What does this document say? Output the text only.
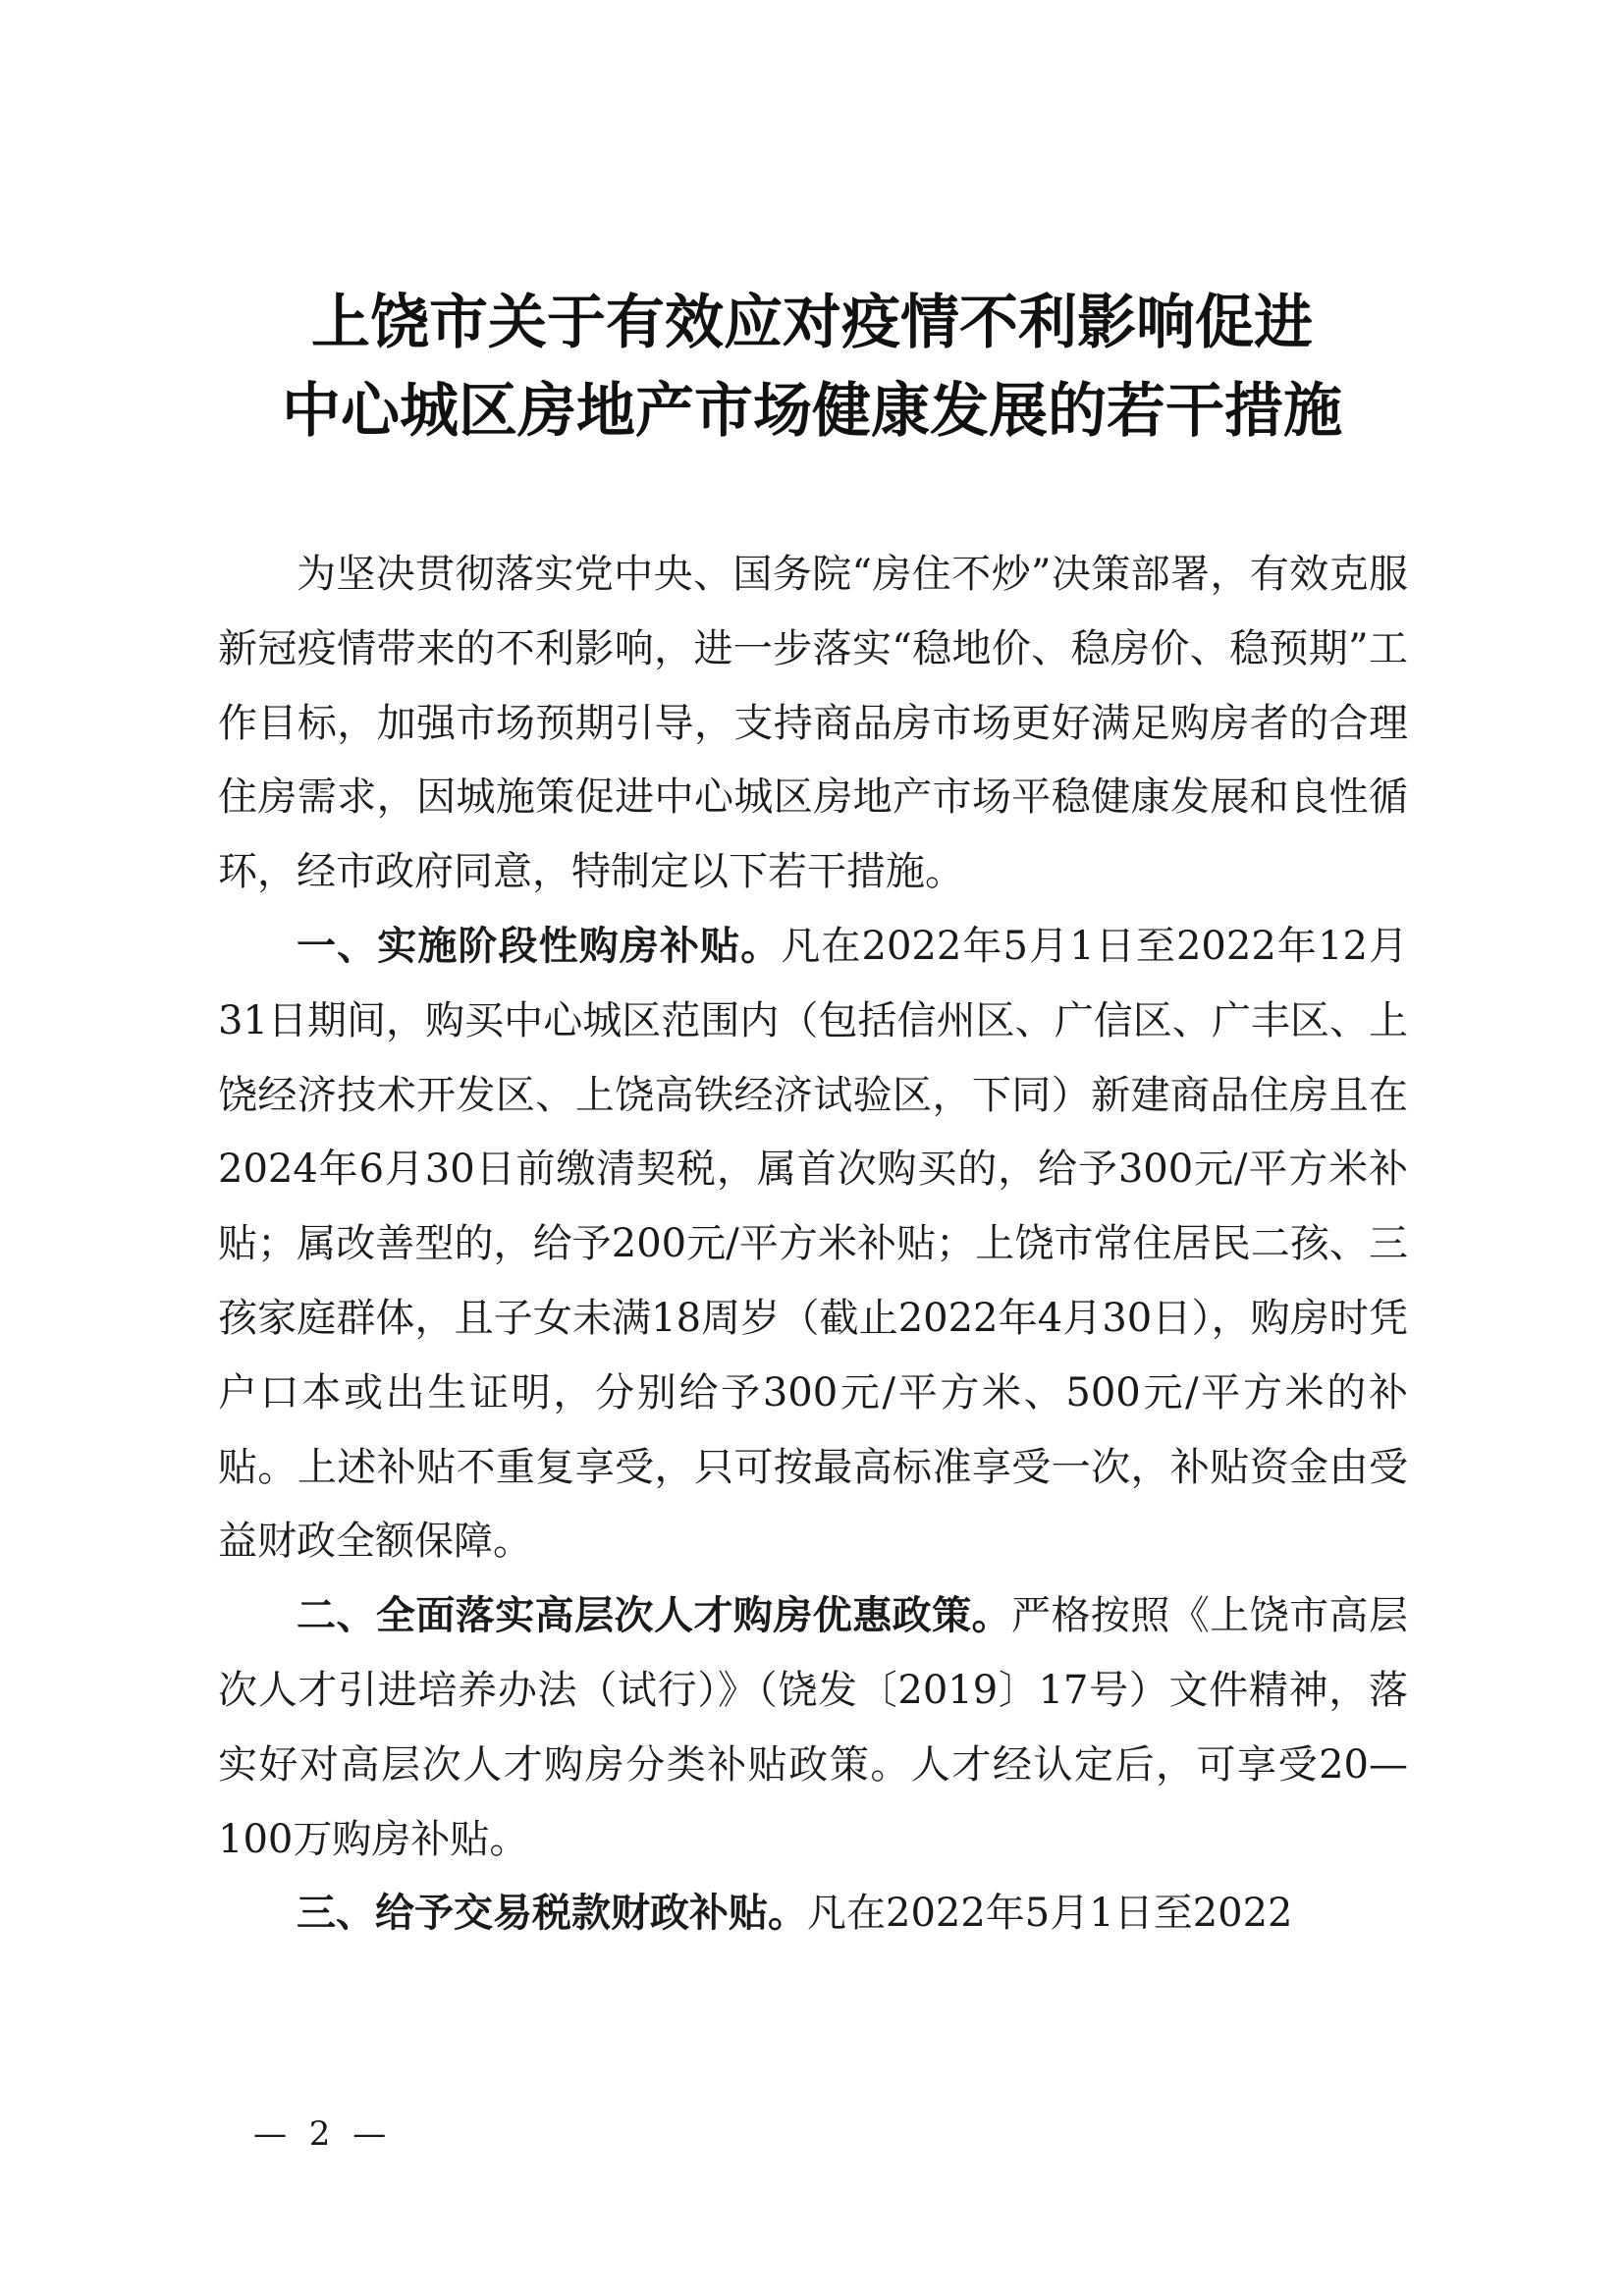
上饶市关于有效应对疫情不利影响促进
中心城区房地产市场健康发展的若干措施

为坚决贯彻落实党中央、国务院“房住不炒”决策部署，有效克服新冠疫情带来的不利影响，进一步落实“稳地价、稳房价、稳预期”工作目标，加强市场预期引导，支持商品房市场更好满足购房者的合理住房需求，因城施策促进中心城区房地产市场平稳健康发展和良性循环，经市政府同意，特制定以下若干措施。

一、实施阶段性购房补贴。凡在2022年5月1日至2022年12月31日期间，购买中心城区范围内（包括信州区、广信区、广丰区、上饶经济技术开发区、上饶高铁经济试验区，下同）新建商品住房且在2024年6月30日前缴清契税，属首次购买的，给予300元/平方米补贴；属改善型的，给予200元/平方米补贴；上饶市常住居民二孩、三孩家庭群体，且子女未满18周岁（截止2022年4月30日），购房时凭户口本或出生证明，分别给予300元/平方米、500元/平方米的补贴。上述补贴不重复享受，只可按最高标准享受一次，补贴资金由受益财政全额保障。

二、全面落实高层次人才购房优惠政策。严格按照《上饶市高层次人才引进培养办法（试行）》（饶发〔2019〕17号）文件精神，落实好对高层次人才购房分类补贴政策。人才经认定后，可享受20—100万购房补贴。

三、给予交易税款财政补贴。凡在2022年5月1日至2022

— 2 —
